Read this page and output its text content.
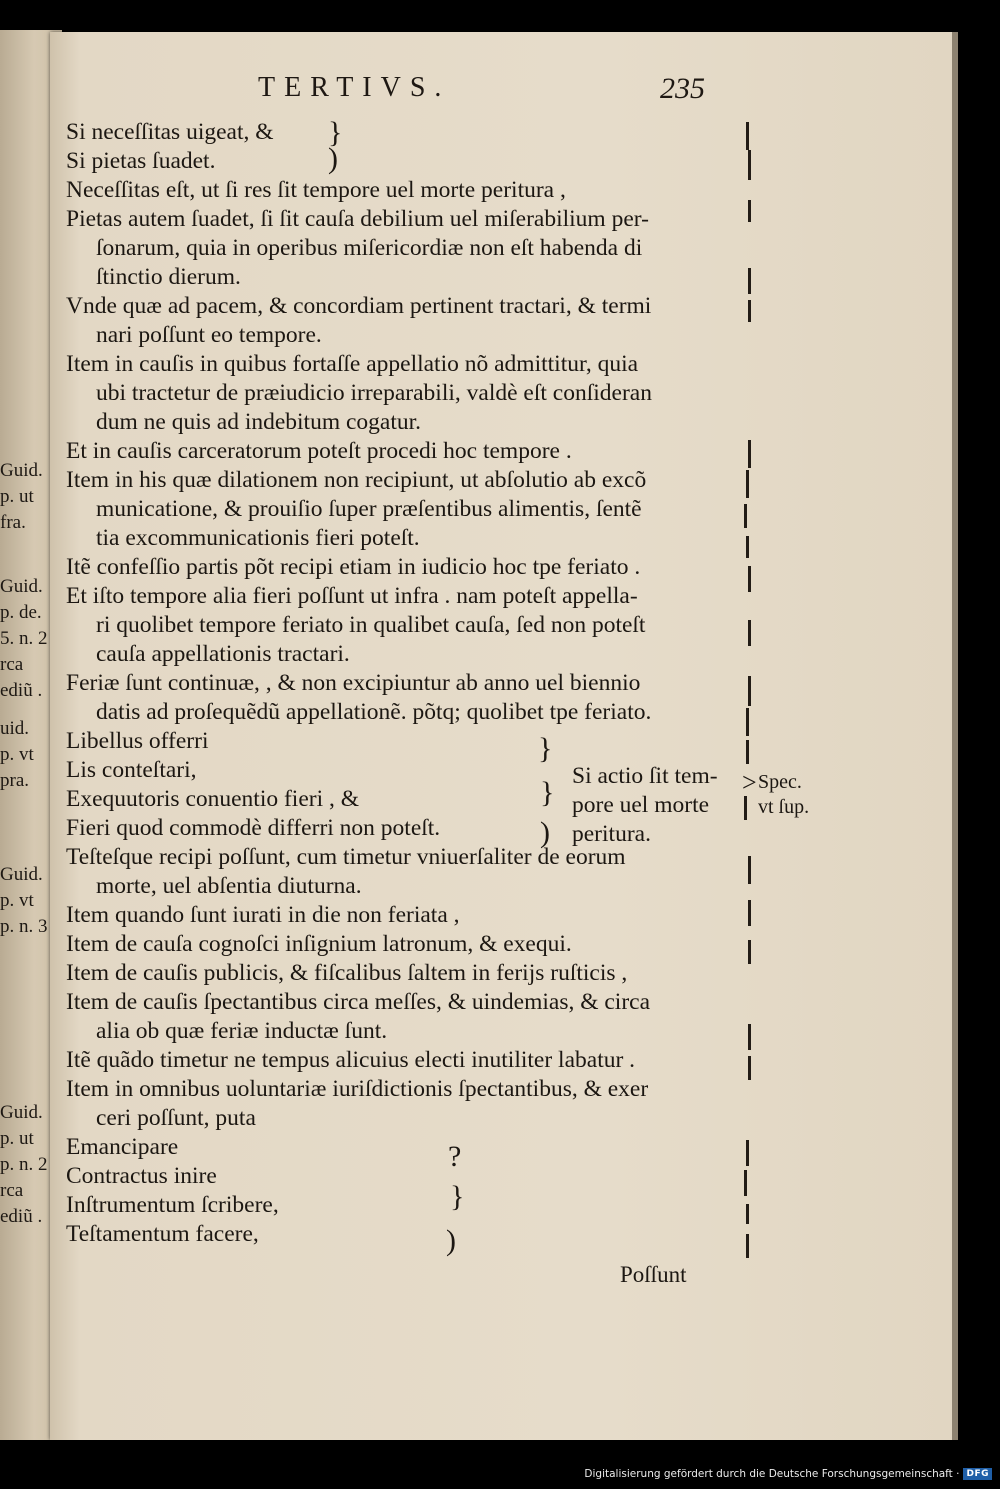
Guid.
p. ut
fra.
Guid.
p. de.
5. n. 2
rca
ediũ .
uid.
p. vt
pra.
Guid.
p. vt
p. n. 3
Guid.
p. ut
p. n. 2
rca
ediũ .
TERTIVS.	235
Si neceſſitas uigeat, &
Si pietas ſuadet.
Neceſſitas eſt, ut ſi res ſit tempore uel morte peritura ,
Pietas autem ſuadet, ſi ſit cauſa debilium uel miſerabilium per-
ſonarum, quia in operibus miſericordiæ non eſt habenda di
ſtinctio dierum.
Vnde quæ ad pacem, & concordiam pertinent tractari, & termi
nari poſſunt eo tempore.
Item in cauſis in quibus fortaſſe appellatio nõ admittitur, quia
ubi tractetur de præiudicio irreparabili, valdè eſt conſideran
dum ne quis ad indebitum cogatur.
Et in cauſis carceratorum poteſt procedi hoc tempore .
Item in his quæ dilationem non recipiunt, ut abſolutio ab excõ
municatione, & prouiſio ſuper præſentibus alimentis, ſentẽ
tia excommunicationis fieri poteſt.
Itẽ confeſſio partis põt recipi etiam in iudicio hoc tpe feriato .
Et iſto tempore alia fieri poſſunt ut infra . nam poteſt appella-
ri quolibet tempore feriato in qualibet cauſa, ſed non poteſt
cauſa appellationis tractari.
Feriæ ſunt continuæ, , & non excipiuntur ab anno uel biennio
datis ad proſequẽdũ appellationẽ. põtq; quolibet tpe feriato.
Libellus offerri
Lis conteſtari,
Exequutoris conuentio fieri , &
Fieri quod commodè differri non poteſt.
Teſteſque recipi poſſunt, cum timetur vniuerſaliter de eorum
morte, uel abſentia diuturna.
Item quando ſunt iurati in die non feriata ,
Item de cauſa cognoſci inſignium latronum, & exequi.
Item de cauſis publicis, & fiſcalibus ſaltem in ferijs ruſticis ,
Item de cauſis ſpectantibus circa meſſes, & uindemias, & circa
alia ob quæ feriæ inductæ ſunt.
Itẽ quãdo timetur ne tempus alicuius electi inutiliter labatur .
Item in omnibus uoluntariæ iuriſdictionis ſpectantibus, & exer
ceri poſſunt, puta
Emancipare
Contractus inire
Inſtrumentum ſcribere,
Teſtamentum facere,
}
)
}
}
)
?
}
)
Si actio ſit tem-
pore uel morte
peritura.
> Spec.
vt ſup.
Poſſunt
Digitalisierung gefördert durch die Deutsche Forschungsgemeinschaft · DFG
